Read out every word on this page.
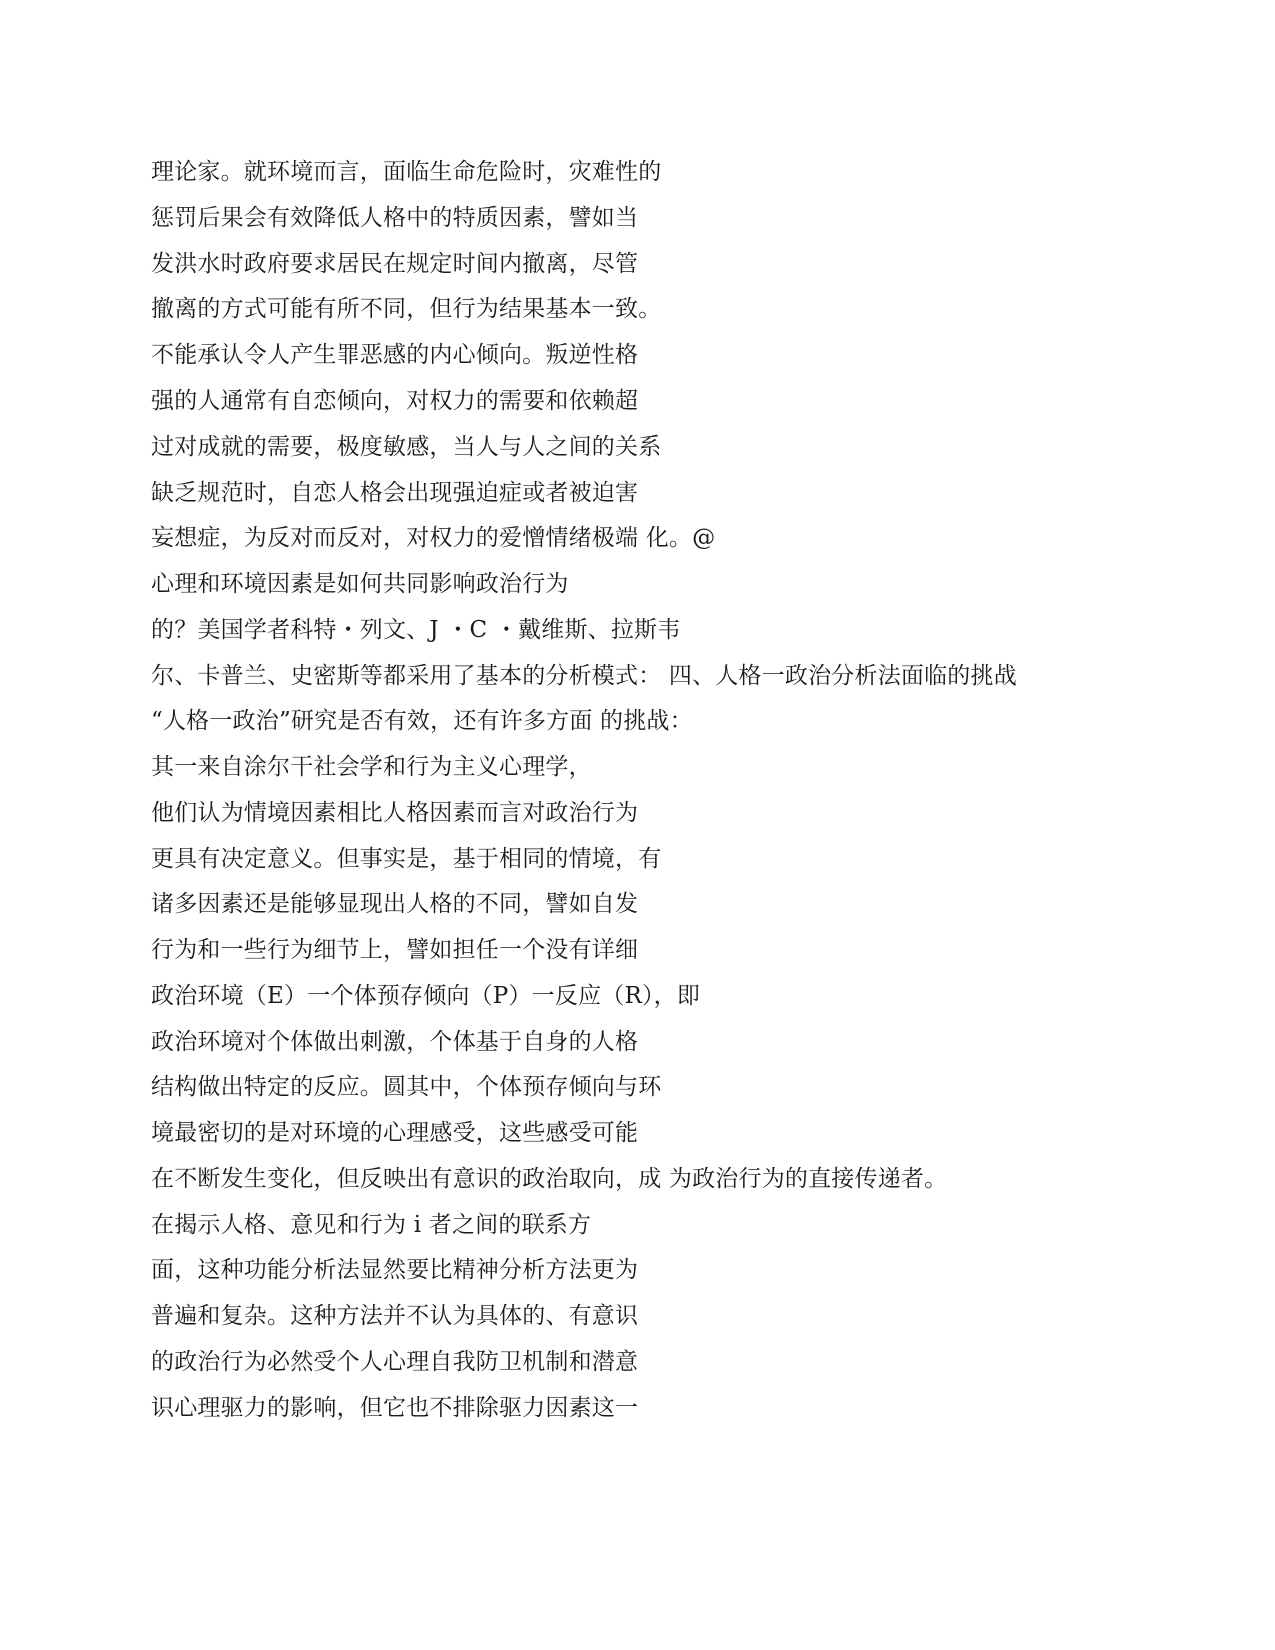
理论家。就环境而言，面临生命危险时，灾难性的

惩罚后果会有效降低人格中的特质因素，譬如当

发洪水时政府要求居民在规定时间内撤离，尽管

撤离的方式可能有所不同，但行为结果基本一致。

不能承认令人产生罪恶感的内心倾向。叛逆性格

强的人通常有自恋倾向，对权力的需要和依赖超

过对成就的需要，极度敏感，当人与人之间的关系

缺乏规范时，自恋人格会出现强迫症或者被迫害

妄想症，为反对而反对，对权力的爱憎情绪极端 化。@

心理和环境因素是如何共同影响政治行为

的？美国学者科特・列文、J ・C ・戴维斯、拉斯韦

尔、卡普兰、史密斯等都采用了基本的分析模式： 四、人格一政治分析法面临的挑战

“人格一政治”研究是否有效，还有许多方面 的挑战：

其一来自涂尔干社会学和行为主义心理学，

他们认为情境因素相比人格因素而言对政治行为

更具有决定意义。但事实是，基于相同的情境，有

诸多因素还是能够显现出人格的不同，譬如自发

行为和一些行为细节上，譬如担任一个没有详细

政治环境（E）一个体预存倾向（P）一反应（R），即

政治环境对个体做出刺激，个体基于自身的人格

结构做出特定的反应。圆其中，个体预存倾向与环

境最密切的是对环境的心理感受，这些感受可能

在不断发生变化，但反映出有意识的政治取向，成 为政治行为的直接传递者。

在揭示人格、意见和行为 i 者之间的联系方

面，这种功能分析法显然要比精神分析方法更为

普遍和复杂。这种方法并不认为具体的、有意识

的政治行为必然受个人心理自我防卫机制和潜意

识心理驱力的影响，但它也不排除驱力因素这一
